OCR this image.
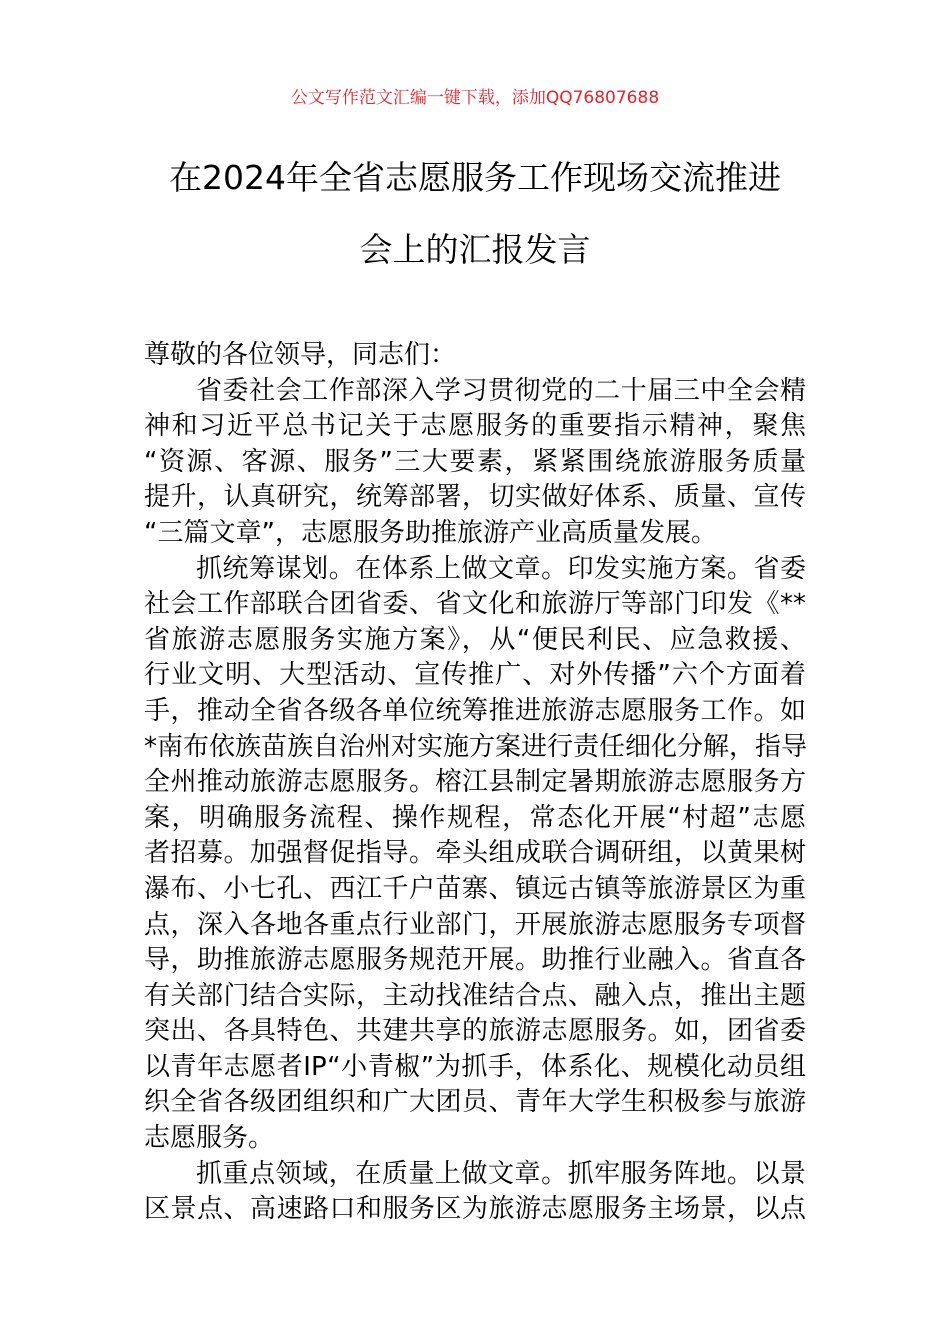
公文写作范文汇编一键下载，添加QQ76807688
在2024年全省志愿服务工作现场交流推进
会上的汇报发言
尊敬的各位领导，同志们：
省委社会工作部深入学习贯彻党的二十届三中全会精
神和习近平总书记关于志愿服务的重要指示精神，聚焦
“资源、客源、服务”三大要素，紧紧围绕旅游服务质量
提升，认真研究，统筹部署，切实做好体系、质量、宣传
“三篇文章”，志愿服务助推旅游产业高质量发展。
抓统筹谋划。在体系上做文章。印发实施方案。省委
社会工作部联合团省委、省文化和旅游厅等部门印发《**
省旅游志愿服务实施方案》，从“便民利民、应急救援、
行业文明、大型活动、宣传推广、对外传播”六个方面着
手，推动全省各级各单位统筹推进旅游志愿服务工作。如
*南布依族苗族自治州对实施方案进行责任细化分解，指导
全州推动旅游志愿服务。榕江县制定暑期旅游志愿服务方
案，明确服务流程、操作规程，常态化开展“村超”志愿
者招募。加强督促指导。牵头组成联合调研组，以黄果树
瀑布、小七孔、西江千户苗寨、镇远古镇等旅游景区为重
点，深入各地各重点行业部门，开展旅游志愿服务专项督
导，助推旅游志愿服务规范开展。助推行业融入。省直各
有关部门结合实际，主动找准结合点、融入点，推出主题
突出、各具特色、共建共享的旅游志愿服务。如，团省委
以青年志愿者IP“小青椒”为抓手，体系化、规模化动员组
织全省各级团组织和广大团员、青年大学生积极参与旅游
志愿服务。
抓重点领域，在质量上做文章。抓牢服务阵地。以景
区景点、高速路口和服务区为旅游志愿服务主场景，以点
